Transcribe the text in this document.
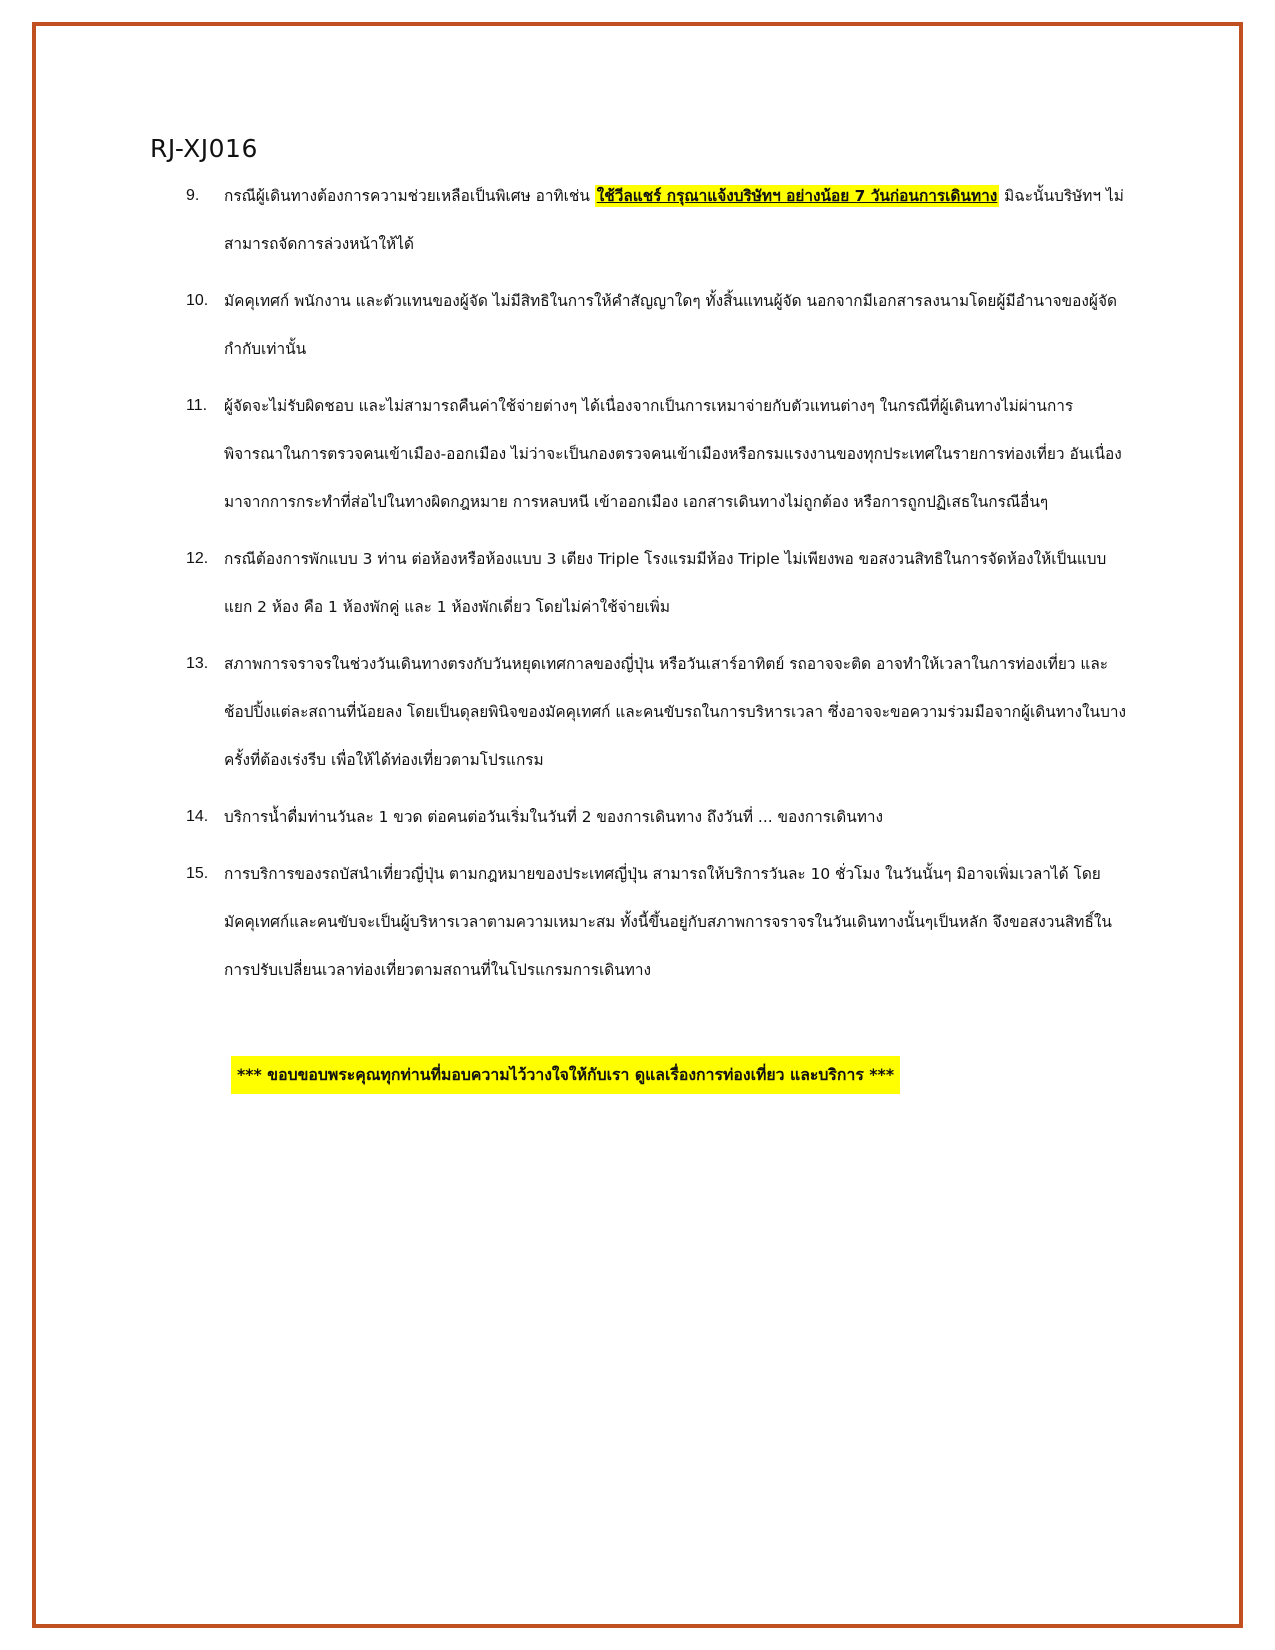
RJ-XJ016
9.	กรณีผู้เดินทางต้องการความช่วยเหลือเป็นพิเศษ อาทิเช่น ใช้วีลแชร์ กรุณาแจ้งบริษัทฯ อย่างน้อย 7 วันก่อนการเดินทาง มิฉะนั้นบริษัทฯ ไม่สามารถจัดการล่วงหน้าให้ได้
10.	มัคคุเทศก์ พนักงาน และตัวแทนของผู้จัด ไม่มีสิทธิในการให้คำสัญญาใดๆ ทั้งสิ้นแทนผู้จัด นอกจากมีเอกสารลงนามโดยผู้มีอำนาจของผู้จัดกำกับเท่านั้น
11.	ผู้จัดจะไม่รับผิดชอบ และไม่สามารถคืนค่าใช้จ่ายต่างๆ ได้เนื่องจากเป็นการเหมาจ่ายกับตัวแทนต่างๆ ในกรณีที่ผู้เดินทางไม่ผ่านการพิจารณาในการตรวจคนเข้าเมือง-ออกเมือง ไม่ว่าจะเป็นกองตรวจคนเข้าเมืองหรือกรมแรงงานของทุกประเทศในรายการท่องเที่ยว อันเนื่องมาจากการกระทำที่ส่อไปในทางผิดกฎหมาย การหลบหนี เข้าออกเมือง เอกสารเดินทางไม่ถูกต้อง หรือการถูกปฏิเสธในกรณีอื่นๆ
12.	กรณีต้องการพักแบบ 3 ท่าน ต่อห้องหรือห้องแบบ 3 เตียง Triple โรงแรมมีห้อง Triple ไม่เพียงพอ ขอสงวนสิทธิในการจัดห้องให้เป็นแบบ แยก 2 ห้อง คือ 1 ห้องพักคู่ และ 1 ห้องพักเดี่ยว โดยไม่ค่าใช้จ่ายเพิ่ม
13.	สภาพการจราจรในช่วงวันเดินทางตรงกับวันหยุดเทศกาลของญี่ปุ่น หรือวันเสาร์อาทิตย์ รถอาจจะติด อาจทำให้เวลาในการท่องเที่ยว และช้อปปิ้งแต่ละสถานที่น้อยลง โดยเป็นดุลยพินิจของมัคคุเทศก์ และคนขับรถในการบริหารเวลา ซึ่งอาจจะขอความร่วมมือจากผู้เดินทางในบางครั้งที่ต้องเร่งรีบ เพื่อให้ได้ท่องเที่ยวตามโปรแกรม
14.	บริการน้ำดื่มท่านวันละ 1 ขวด ต่อคนต่อวันเริ่มในวันที่ 2 ของการเดินทาง ถึงวันที่ ... ของการเดินทาง
15.	การบริการของรถบัสนำเที่ยวญี่ปุ่น ตามกฎหมายของประเทศญี่ปุ่น สามารถให้บริการวันละ 10 ชั่วโมง ในวันนั้นๆ มิอาจเพิ่มเวลาได้ โดยมัคคุเทศก์และคนขับจะเป็นผู้บริหารเวลาตามความเหมาะสม ทั้งนี้ขึ้นอยู่กับสภาพการจราจรในวันเดินทางนั้นๆเป็นหลัก จึงขอสงวนสิทธิ์ในการปรับเปลี่ยนเวลาท่องเที่ยวตามสถานที่ในโปรแกรมการเดินทาง
*** ขอบขอบพระคุณทุกท่านที่มอบความไว้วางใจให้กับเรา ดูแลเรื่องการท่องเที่ยว และบริการ ***
